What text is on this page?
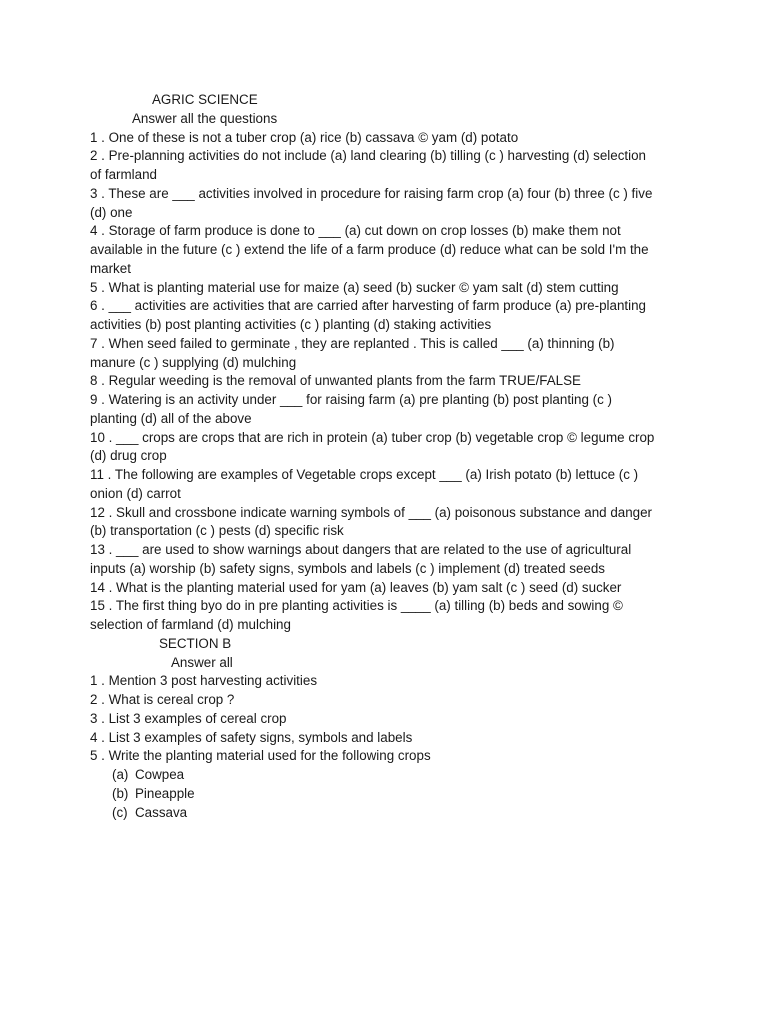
AGRIC SCIENCE
Answer all the questions
1 . One of these is not a tuber crop (a) rice (b) cassava © yam (d) potato
2 . Pre-planning activities do not include (a) land clearing (b) tilling (c ) harvesting (d) selection
of farmland
3 . These are ___ activities involved in procedure for raising farm crop (a) four (b) three (c ) five
(d) one
4 . Storage of farm produce is done to ___ (a) cut down on crop losses (b) make them not
available in the future (c ) extend the life of a farm produce (d) reduce what can be sold I'm the
market
5 . What is planting material use for maize (a) seed (b) sucker © yam salt (d) stem cutting
6 . ___ activities are activities that are carried after harvesting of farm produce (a) pre-planting
activities (b) post planting activities (c ) planting (d) staking activities
7 . When seed failed to germinate , they are replanted . This is called ___ (a) thinning (b)
manure (c ) supplying (d) mulching
8 . Regular weeding is the removal of unwanted plants from the farm TRUE/FALSE
9 . Watering is an activity under ___ for raising farm (a) pre planting (b) post planting (c )
planting (d) all of the above
10 . ___ crops are crops that are rich in protein (a) tuber crop (b) vegetable crop © legume crop
(d) drug crop
11 . The following are examples of Vegetable crops except ___ (a) Irish potato (b) lettuce (c )
onion (d) carrot
12 . Skull and crossbone indicate warning symbols of ___ (a) poisonous substance and danger
(b) transportation (c ) pests (d) specific risk
13 . ___ are used to show warnings about dangers that are related to the use of agricultural
inputs (a) worship (b) safety signs, symbols and labels (c ) implement (d) treated seeds
14 . What is the planting material used for yam (a) leaves (b) yam salt (c ) seed (d) sucker
15 . The first thing byo do in pre planting activities is ____ (a) tilling (b) beds and sowing ©
selection of farmland (d) mulching
SECTION B
Answer all
1 . Mention 3 post harvesting activities
2 . What is cereal crop ?
3 . List 3 examples of cereal crop
4 . List 3 examples of safety signs, symbols and labels
5 . Write the planting material used for the following crops
(a) Cowpea
(b) Pineapple
(c) Cassava
